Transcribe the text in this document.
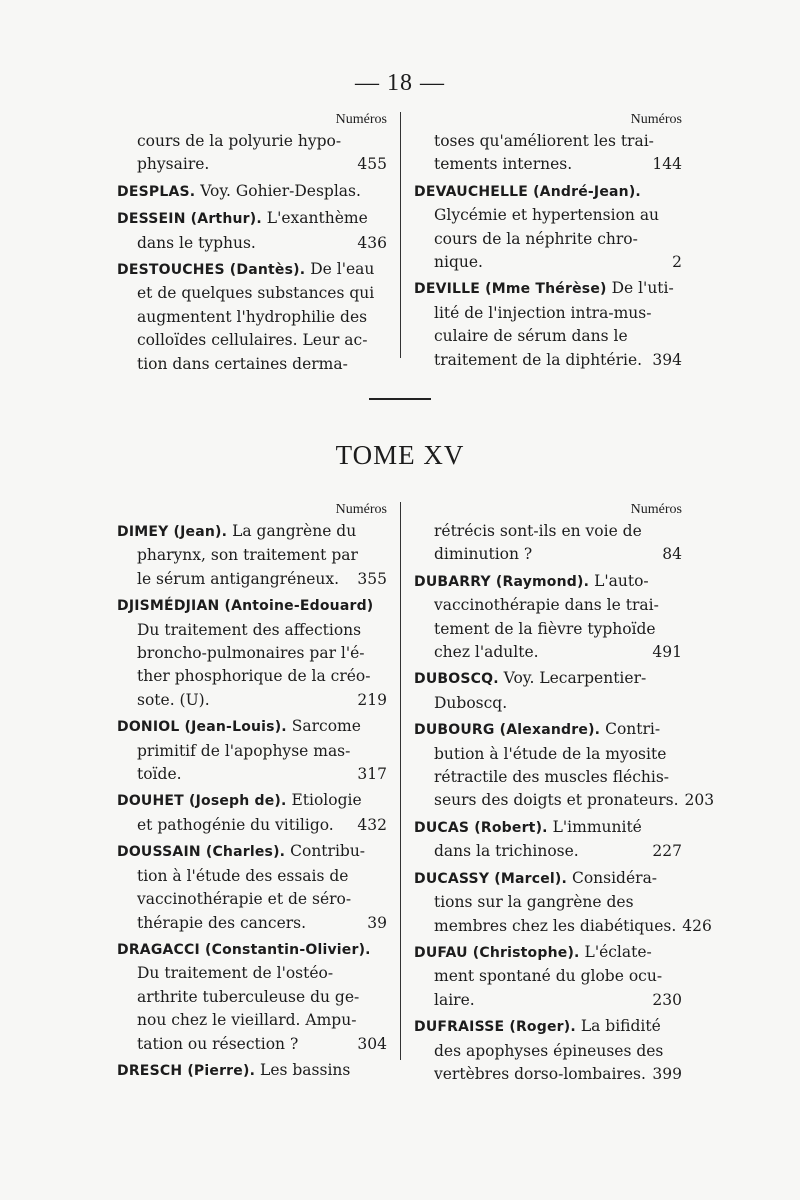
— 18 —
Numéros
cours de la polyurie hypo-
physaire.	455
DESPLAS. Voy. Gohier-Desplas.
DESSEIN (Arthur). L'exanthème
dans le typhus.	436
DESTOUCHES (Dantès). De l'eau
et de quelques substances qui
augmentent l'hydrophilie des
colloïdes cellulaires. Leur ac-
tion dans certaines derma-
Numéros
toses qu'améliorent les trai-
tements internes.	144
DEVAUCHELLE (André-Jean).
Glycémie et hypertension au
cours de la néphrite chro-
nique.	2
DEVILLE (Mme Thérèse) De l'uti-
lité de l'injection intra-mus-
culaire de sérum dans le
traitement de la diphtérie. 394
TOME XV
Numéros
DIMEY (Jean). La gangrène du
pharynx, son traitement par
le sérum antigangréneux.	355
DJISMÉDJIAN (Antoine-Edouard)
Du traitement des affections
broncho-pulmonaires par l'é-
ther phosphorique de la créo-
sote. (U).	219
DONIOL (Jean-Louis). Sarcome
primitif de l'apophyse mas-
toïde.	317
DOUHET (Joseph de). Etiologie
et pathogénie du vitiligo.	432
DOUSSAIN (Charles). Contribu-
tion à l'étude des essais de
vaccinothérapie et de séro-
thérapie des cancers.	39
DRAGACCI (Constantin-Olivier).
Du traitement de l'ostéo-
arthrite tuberculeuse du ge-
nou chez le vieillard. Ampu-
tation ou résection ?	304
DRESCH (Pierre). Les bassins
Numéros
rétrécis sont-ils en voie de
diminution ?	84
DUBARRY (Raymond). L'auto-
vaccinothérapie dans le trai-
tement de la fièvre typhoïde
chez l'adulte.	491
DUBOSCQ. Voy. Lecarpentier-
Duboscq.
DUBOURG (Alexandre). Contri-
bution à l'étude de la myosite
rétractile des muscles fléchis-
seurs des doigts et pronateurs. 203
DUCAS (Robert). L'immunité
dans la trichinose.	227
DUCASSY (Marcel). Considéra-
tions sur la gangrène des
membres chez les diabétiques. 426
DUFAU (Christophe). L'éclate-
ment spontané du globe ocu-
laire.	230
DUFRAISSE (Roger). La bifidité
des apophyses épineuses des
vertèbres dorso-lombaires. 399
